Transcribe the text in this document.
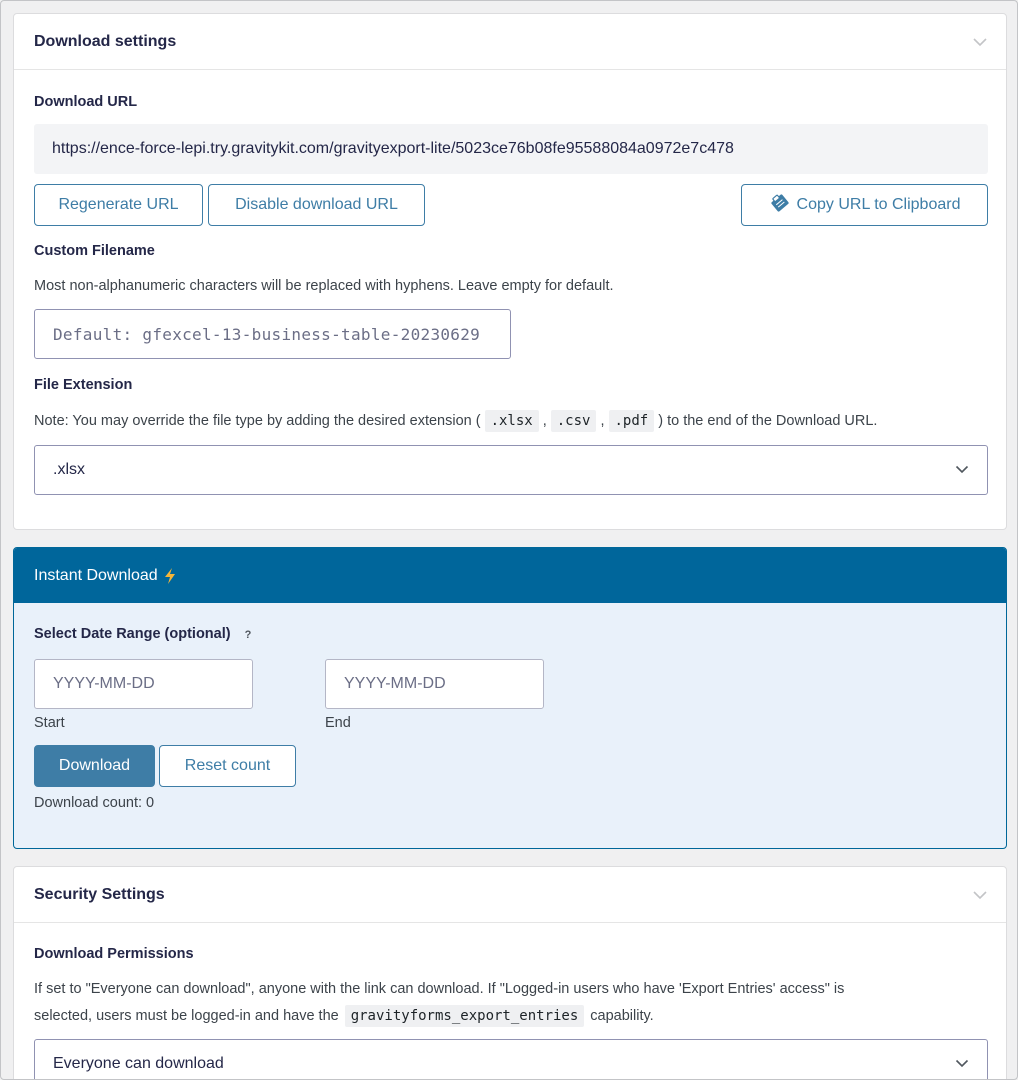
Download settings
Download URL
https://ence-force-lepi.try.gravitykit.com/gravityexport-lite/5023ce76b08fe95588084a0972e7c478
Regenerate URL	Disable download URL	Copy URL to Clipboard
Custom Filename
Most non-alphanumeric characters will be replaced with hyphens. Leave empty for default.
Default: gfexcel-13-business-table-20230629
File Extension
Note: You may override the file type by adding the desired extension ( .xlsx , .csv , .pdf ) to the end of the Download URL.
.xlsx
Instant Download
Select Date Range (optional) ?
YYYY-MM-DD
YYYY-MM-DD
Start	End
Download	Reset count
Download count: 0
Security Settings
Download Permissions
If set to "Everyone can download", anyone with the link can download. If "Logged-in users who have 'Export Entries' access" is
selected, users must be logged-in and have the gravityforms_export_entries capability.
Everyone can download
